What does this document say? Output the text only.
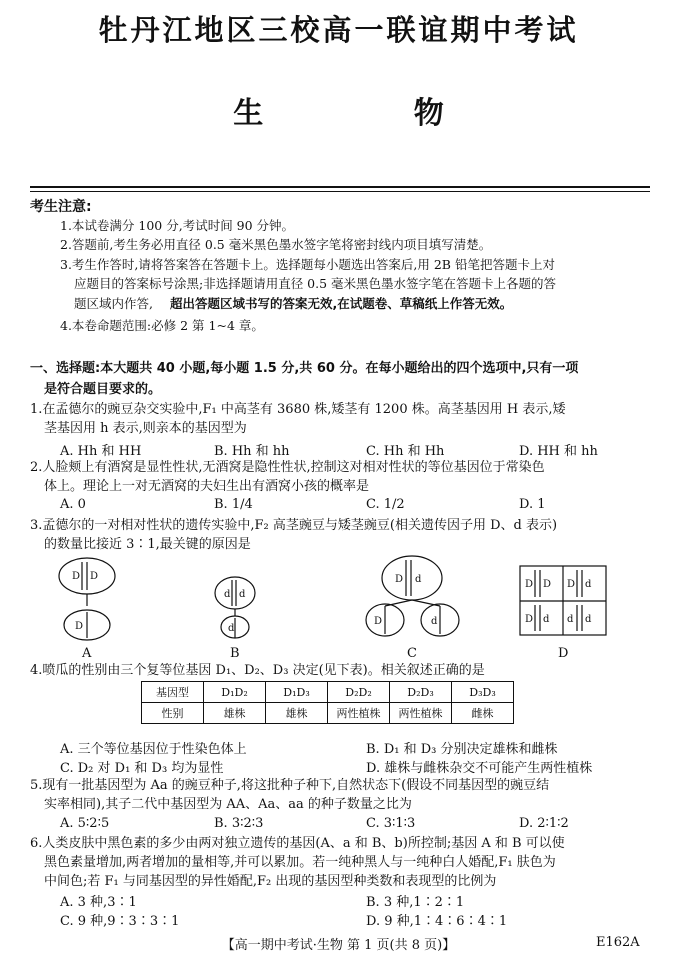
牡丹江地区三校高一联谊期中考试
生 物
考生注意:
1.本试卷满分 100 分,考试时间 90 分钟。
2.答题前,考生务必用直径 0.5 毫米黑色墨水签字笔将密封线内项目填写清楚。
3.考生作答时,请将答案答在答题卡上。选择题每小题选出答案后,用 2B 铅笔把答题卡上对
应题目的答案标号涂黑;非选择题请用直径 0.5 毫米黑色墨水签字笔在答题卡上各题的答
题区域内作答, 超出答题区域书写的答案无效,在试题卷、草稿纸上作答无效。
4.本卷命题范围:必修 2 第 1~4 章。
一、选择题:本大题共 40 小题,每小题 1.5 分,共 60 分。在每小题给出的四个选项中,只有一项
是符合题目要求的。
1.在孟德尔的豌豆杂交实验中,F₁ 中高茎有 3680 株,矮茎有 1200 株。高茎基因用 H 表示,矮
茎基因用 h 表示,则亲本的基因型为
A. Hh 和 HH	B. Hh 和 hh	C. Hh 和 Hh	D. HH 和 hh
2.人脸颊上有酒窝是显性性状,无酒窝是隐性性状,控制这对相对性状的等位基因位于常染色
体上。理论上一对无酒窝的夫妇生出有酒窝小孩的概率是
A. 0	B. 1/4	C. 1/2	D. 1
3.孟德尔的一对相对性状的遗传实验中,F₂ 高茎豌豆与矮茎豌豆(相关遗传因子用 D、d 表示)
的数量比接近 3∶1,最关键的原因是
D D
D
d d
d
D d
D	d
D D D d
D d d d
A	B	C	D
4.喷瓜的性别由三个复等位基因 D₁、D₂、D₃ 决定(见下表)。相关叙述正确的是
基因型	D₁D₂	D₁D₃	D₂D₂	D₂D₃	D₃D₃
性别	雄株	雄株	两性植株	两性植株	雌株
A. 三个等位基因位于性染色体上	B. D₁ 和 D₃ 分别决定雄株和雌株
C. D₂ 对 D₁ 和 D₃ 均为显性	D. 雄株与雌株杂交不可能产生两性植株
5.现有一批基因型为 Aa 的豌豆种子,将这批种子种下,自然状态下(假设不同基因型的豌豆结
实率相同),其子二代中基因型为 AA、Aa、aa 的种子数量之比为
A. 5∶2∶5	B. 3∶2∶3	C. 3∶1∶3	D. 2∶1∶2
6.人类皮肤中黑色素的多少由两对独立遗传的基因(A、a 和 B、b)所控制;基因 A 和 B 可以使
黑色素量增加,两者增加的量相等,并可以累加。若一纯种黑人与一纯种白人婚配,F₁ 肤色为
中间色;若 F₁ 与同基因型的异性婚配,F₂ 出现的基因型种类数和表现型的比例为
A. 3 种,3∶1	B. 3 种,1∶2∶1
C. 9 种,9∶3∶3∶1	D. 9 种,1∶4∶6∶4∶1
【高一期中考试·生物 第 1 页(共 8 页)】	E162A
